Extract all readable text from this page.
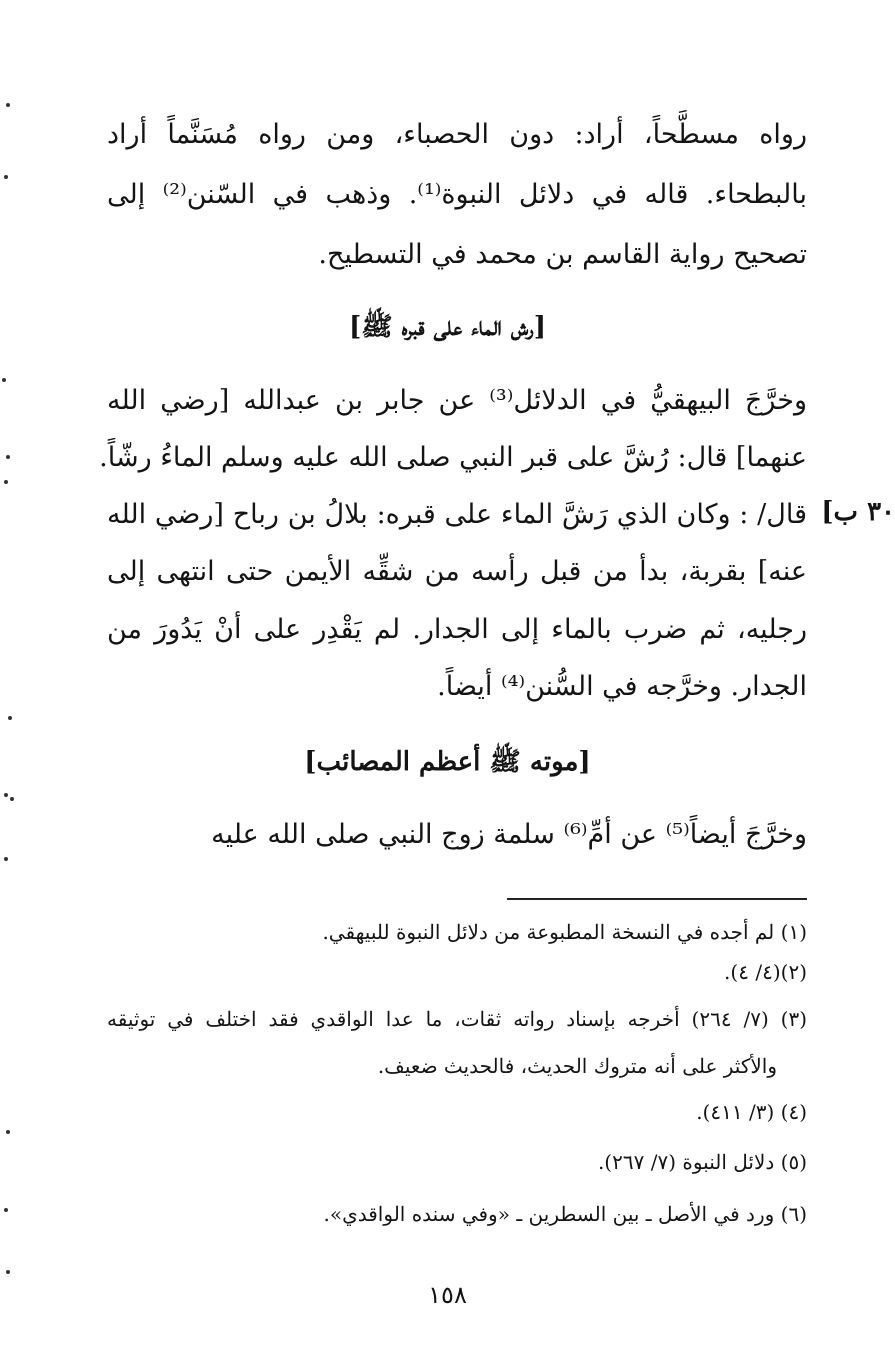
رواه مسطَّحاً، أراد: دون الحصباء، ومن رواه مُسَنَّماً أراد
بالبطحاء. قاله في دلائل النبوة⁽¹⁾. وذهب في السّنن⁽²⁾ إلى
تصحيح رواية القاسم بن محمد في التسطيح.
[رش الماء على قبره ﷺ]
وخرَّجَ البيهقيُّ في الدلائل⁽³⁾ عن جابر بن عبدالله [رضي الله
عنهما] قال: رُشَّ على قبر النبي صلى الله عليه وسلم الماءُ رشّاً.
قال/ : وكان الذي رَشَّ الماء على قبره: بلالُ بن رباح [رضي الله
عنه] بقربة، بدأ من قبل رأسه من شقِّه الأيمن حتى انتهى إلى
رجليه، ثم ضرب بالماء إلى الجدار. لم يَقْدِر على أنْ يَدُورَ من
الجدار. وخرَّجه في السُّنن⁽⁴⁾ أيضاً.
٣٠ ب]
[موته ﷺ أعظم المصائب]
وخرَّجَ أيضاً⁽⁵⁾ عن أمِّ⁽⁶⁾ سلمة زوج النبي صلى الله عليه
(١) لم أجده في النسخة المطبوعة من دلائل النبوة للبيهقي.
(٢)(٤/ ٤).
(٣) (٧/ ٢٦٤) أخرجه بإسناد رواته ثقات، ما عدا الواقدي فقد اختلف في توثيقه
والأكثر على أنه متروك الحديث، فالحديث ضعيف.
(٤) (٣/ ٤١١).
(٥) دلائل النبوة (٧/ ٢٦٧).
(٦) ورد في الأصل ـ بين السطرين ـ «وفي سنده الواقدي».
١٥٨
